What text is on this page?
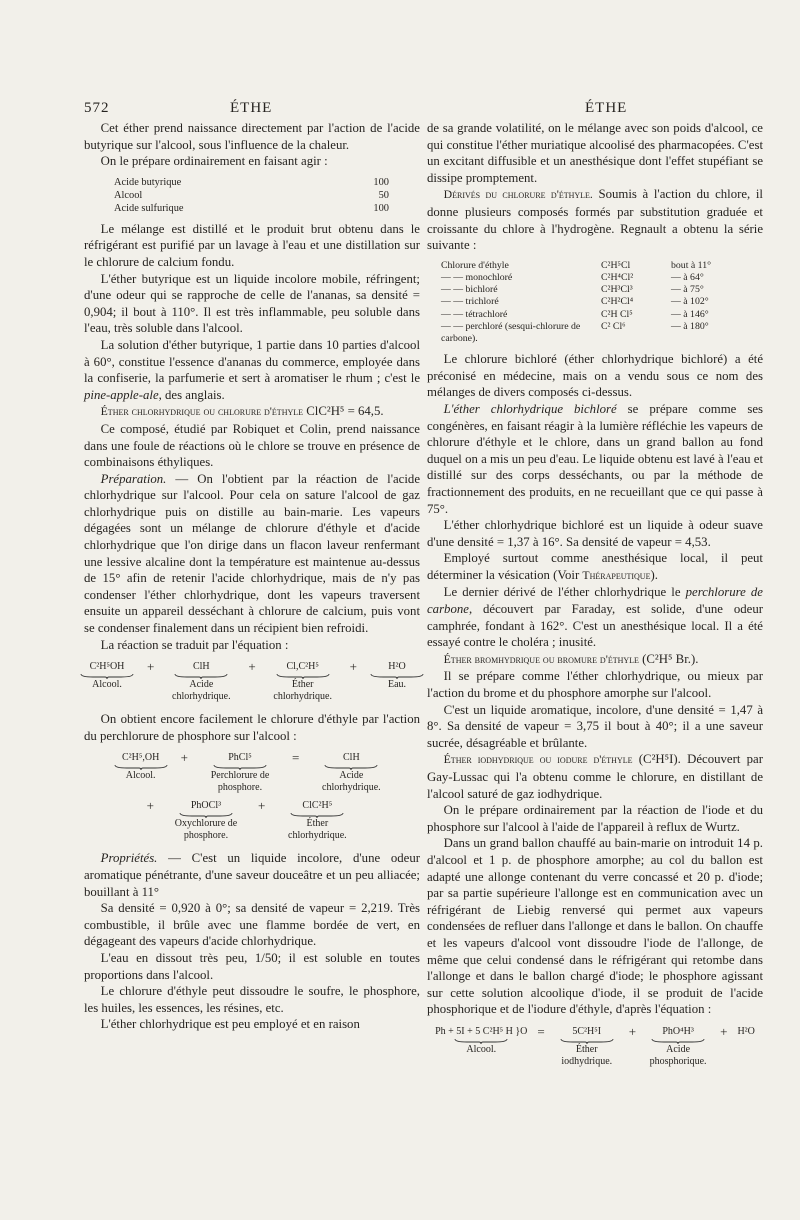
572	ÉTHE	ÉTHE

Cet éther prend naissance directement par l'action de l'acide butyrique sur l'alcool, sous l'influence de la chaleur.

On le prépare ordinairement en faisant agir :

Acide butyrique	100
Alcool	50
Acide sulfurique	100

Le mélange est distillé et le produit brut obtenu dans le réfrigérant est purifié par un lavage à l'eau et une distillation sur le chlorure de calcium fondu.

L'éther butyrique est un liquide incolore mobile, réfringent; d'une odeur qui se rapproche de celle de l'ananas, sa densité = 0,904; il bout à 110°. Il est très inflammable, peu soluble dans l'eau, très soluble dans l'alcool.

La solution d'éther butyrique, 1 partie dans 10 parties d'alcool à 60°, constitue l'essence d'ananas du commerce, employée dans la confiserie, la parfumerie et sert à aromatiser le rhum ; c'est le pine-apple-ale, des anglais.

Éther chlorhydrique ou chlorure d'éthyle ClC²H⁵ = 64,5.

Ce composé, étudié par Robiquet et Colin, prend naissance dans une foule de réactions où le chlore se trouve en présence de combinaisons éthyliques.

Préparation. — On l'obtient par la réaction de l'acide chlorhydrique sur l'alcool. Pour cela on sature l'alcool de gaz chlorhydrique puis on distille au bain-marie. Les vapeurs dégagées sont un mélange de chlorure d'éthyle et d'acide chlorhydrique que l'on dirige dans un flacon laveur renfermant une lessive alcaline dont la température est maintenue au-dessus de 15° afin de retenir l'acide chlorhydrique, mais de n'y pas condenser l'éther chlorhydrique, dont les vapeurs traversent ensuite un appareil desséchant à chlorure de calcium, puis vont se condenser finalement dans un récipient bien refroidi.

La réaction se traduit par l'équation :

C²H⁵OH
Alcool.
+	ClH
Acide chlorhydrique.
+	Cl,C²H⁵
Éther chlorhydrique.
+	H²O
Eau.

On obtient encore facilement le chlorure d'éthyle par l'action du perchlorure de phosphore sur l'alcool :

C²H⁵,OH
Alcool.
+	PhCl⁵
Perchlorure de phosphore.
=	ClH
Acide chlorhydrique.
+	PhOCl³
Oxychlorure de phosphore.
+	ClC²H⁵
Éther chlorhydrique.

Propriétés. — C'est un liquide incolore, d'une odeur aromatique pénétrante, d'une saveur douceâtre et un peu alliacée; bouillant à 11°

Sa densité = 0,920 à 0°; sa densité de vapeur = 2,219. Très combustible, il brûle avec une flamme bordée de vert, en dégageant des vapeurs d'acide chlorhydrique.

L'eau en dissout très peu, 1/50; il est soluble en toutes proportions dans l'alcool.

Le chlorure d'éthyle peut dissoudre le soufre, le phosphore, les huiles, les essences, les résines, etc.

L'éther chlorhydrique est peu employé et en raison

de sa grande volatilité, on le mélange avec son poids d'alcool, ce qui constitue l'éther muriatique alcoolisé des pharmacopées. C'est un excitant diffusible et un anesthésique dont l'effet stupéfiant se dissipe promptement.

Dérivés du chlorure d'éthyle. Soumis à l'action du chlore, il donne plusieurs composés formés par substitution graduée et croissante du chlore à l'hydrogène. Regnault a obtenu la série suivante :

Chlorure d'éthyle	C²H⁵Cl	bout à 11°
— — monochloré	C²H⁴Cl²	— à 64°
— — bichloré	C²H³Cl³	— à 75°
— — trichloré	C²H²Cl⁴	— à 102°
— — tétrachloré	C²H Cl⁵	— à 146°
— — perchloré (sesqui-chlorure de carbone).	C² Cl⁶	— à 180°

Le chlorure bichloré (éther chlorhydrique bichloré) a été préconisé en médecine, mais on a vendu sous ce nom des mélanges de divers composés ci-dessus.

L'éther chlorhydrique bichloré se prépare comme ses congénères, en faisant réagir à la lumière réfléchie les vapeurs de chlorure d'éthyle et le chlore, dans un grand ballon au fond duquel on a mis un peu d'eau. Le liquide obtenu est lavé à l'eau et distillé sur des corps desséchants, ou par la méthode de fractionnement des produits, en ne recueillant que ce qui passe à 75°.

L'éther chlorhydrique bichloré est un liquide à odeur suave d'une densité = 1,37 à 16°. Sa densité de vapeur = 4,53.

Employé surtout comme anesthésique local, il peut déterminer la vésication (Voir Thérapeutique).

Le dernier dérivé de l'éther chlorhydrique le perchlorure de carbone, découvert par Faraday, est solide, d'une odeur camphrée, fondant à 162°. C'est un anesthésique local. Il a été essayé contre le choléra ; inusité.

Éther bromhydrique ou bromure d'éthyle (C²H⁵ Br.).

Il se prépare comme l'éther chlorhydrique, ou mieux par l'action du brome et du phosphore amorphe sur l'alcool.

C'est un liquide aromatique, incolore, d'une densité = 1,47 à 8°. Sa densité de vapeur = 3,75 il bout à 40°; il a une saveur sucrée, désagréable et brûlante.

Éther iodhydrique ou iodure d'éthyle (C²H⁵I). Découvert par Gay-Lussac qui l'a obtenu comme le chlorure, en distillant de l'alcool saturé de gaz iodhydrique.

On le prépare ordinairement par la réaction de l'iode et du phosphore sur l'alcool à l'aide de l'appareil à reflux de Wurtz.

Dans un grand ballon chauffé au bain-marie on introduit 14 p. d'alcool et 1 p. de phosphore amorphe; au col du ballon est adapté une allonge contenant du verre concassé et 20 p. d'iode; par sa partie supérieure l'allonge est en communication avec un réfrigérant de Liebig renversé qui permet aux vapeurs condensées de refluer dans l'allonge et dans le ballon. On chauffe et les vapeurs d'alcool vont dissoudre l'iode de l'allonge, de même que celui condensé dans le réfrigérant qui retombe dans l'allonge et dans le ballon chargé d'iode; le phosphore agissant sur cette solution alcoolique d'iode, il se produit de l'acide phosphorique et de l'iodure d'éthyle, d'après l'équation :

Ph + 5I + 5 C²H⁵ H }O
Alcool.
=	5C²H⁵I
Éther iodhydrique.
+	PhO⁴H³
Acide phosphorique.
+ H²O
